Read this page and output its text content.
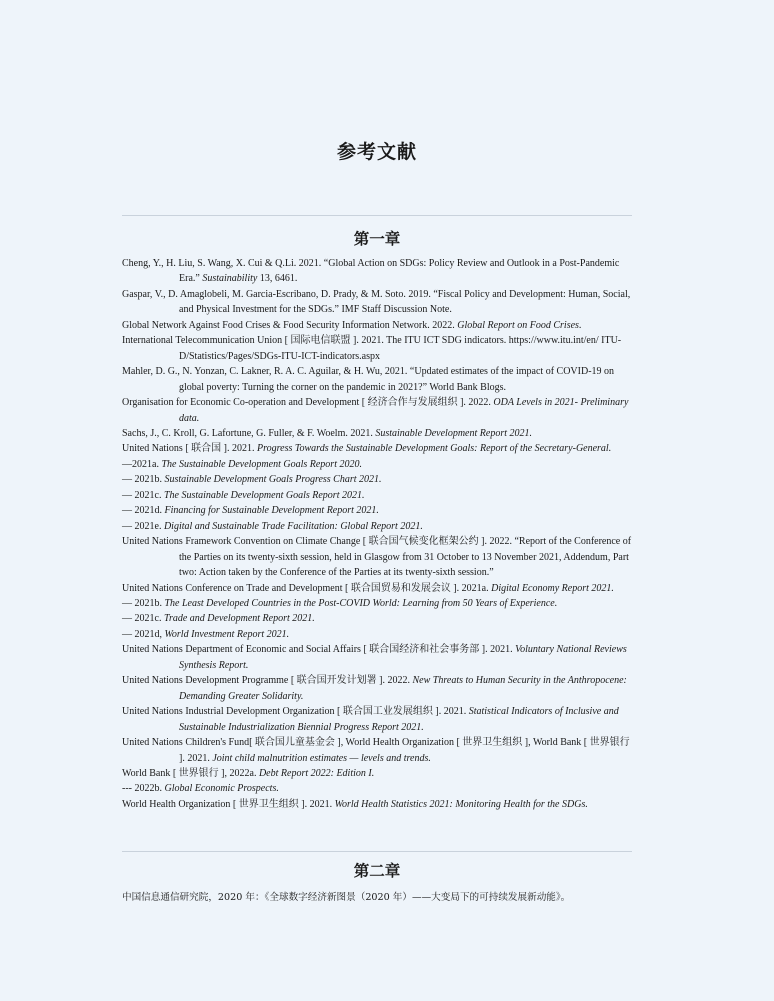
参考文献
第一章

Cheng, Y., H. Liu, S. Wang, X. Cui & Q.Li. 2021. “Global Action on SDGs: Policy Review and Outlook in a Post-Pandemic Era.” Sustainability 13, 6461.

Gaspar, V., D. Amaglobeli, M. Garcia-Escribano, D. Prady, & M. Soto. 2019. “Fiscal Policy and Development: Human, Social, and Physical Investment for the SDGs.” IMF Staff Discussion Note.

Global Network Against Food Crises & Food Security Information Network. 2022. Global Report on Food Crises.

International Telecommunication Union [ 国际电信联盟 ]. 2021. The ITU ICT SDG indicators. https://www.itu.int/en/ ITU-D/Statistics/Pages/SDGs-ITU-ICT-indicators.aspx

Mahler, D. G., N. Yonzan, C. Lakner, R. A. C. Aguilar, & H. Wu, 2021. “Updated estimates of the impact of COVID-19 on global poverty: Turning the corner on the pandemic in 2021?” World Bank Blogs.

Organisation for Economic Co-operation and Development [ 经济合作与发展组织 ]. 2022. ODA Levels in 2021- Preliminary data.

Sachs, J., C. Kroll, G. Lafortune, G. Fuller, & F. Woelm. 2021. Sustainable Development Report 2021.

United Nations [ 联合国 ]. 2021. Progress Towards the Sustainable Development Goals: Report of the Secretary-General.

—2021a. The Sustainable Development Goals Report 2020.

— 2021b. Sustainable Development Goals Progress Chart 2021.

— 2021c. The Sustainable Development Goals Report 2021.

— 2021d. Financing for Sustainable Development Report 2021.

— 2021e. Digital and Sustainable Trade Facilitation: Global Report 2021.

United Nations Framework Convention on Climate Change [ 联合国气候变化框架公约 ]. 2022. “Report of the Conference of the Parties on its twenty-sixth session, held in Glasgow from 31 October to 13 November 2021, Addendum, Part two: Action taken by the Conference of the Parties at its twenty-sixth session.”

United Nations Conference on Trade and Development [ 联合国贸易和发展会议 ]. 2021a. Digital Economy Report 2021.

— 2021b. The Least Developed Countries in the Post-COVID World: Learning from 50 Years of Experience.

— 2021c. Trade and Development Report 2021.

— 2021d, World Investment Report 2021.

United Nations Department of Economic and Social Affairs [ 联合国经济和社会事务部 ]. 2021. Voluntary National Reviews Synthesis Report.

United Nations Development Programme [ 联合国开发计划署 ]. 2022. New Threats to Human Security in the Anthropocene: Demanding Greater Solidarity.

United Nations Industrial Development Organization [ 联合国工业发展组织 ]. 2021. Statistical Indicators of Inclusive and Sustainable Industrialization Biennial Progress Report 2021.

United Nations Children's Fund[ 联合国儿童基金会 ], World Health Organization [ 世界卫生组织 ], World Bank [ 世界银行 ]. 2021. Joint child malnutrition estimates — levels and trends.

World Bank [ 世界银行 ], 2022a. Debt Report 2022: Edition I.

--- 2022b. Global Economic Prospects.

World Health Organization [ 世界卫生组织 ]. 2021. World Health Statistics 2021: Monitoring Health for the SDGs.

第二章
中国信息通信研究院，2020 年：《全球数字经济新图景（2020 年）——大变局下的可持续发展新动能》。
